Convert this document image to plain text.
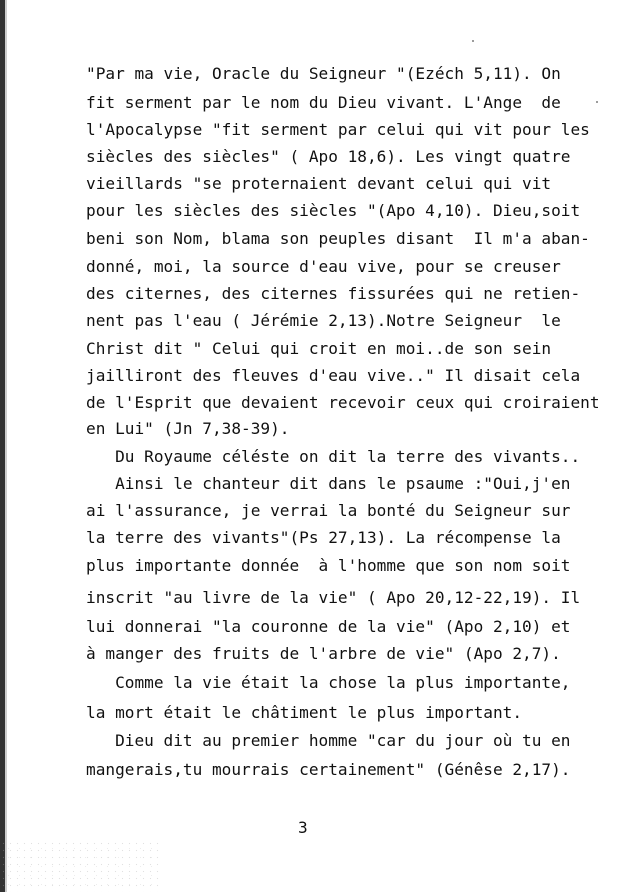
"Par ma vie, Oracle du Seigneur "(Ezéch 5,11). On
fit serment par le nom du Dieu vivant. L'Ange  de
l'Apocalypse "fit serment par celui qui vit pour les
siècles des siècles" ( Apo 18,6). Les vingt quatre
vieillards "se proternaient devant celui qui vit
pour les siècles des siècles "(Apo 4,10). Dieu,soit
beni son Nom, blama son peuples disant  Il m'a aban-
donné, moi, la source d'eau vive, pour se creuser
des citernes, des citernes fissurées qui ne retien-
nent pas l'eau ( Jérémie 2,13).Notre Seigneur  le
Christ dit " Celui qui croit en moi..de son sein
jailliront des fleuves d'eau vive.." Il disait cela
de l'Esprit que devaient recevoir ceux qui croiraient
en Lui" (Jn 7,38-39).
Du Royaume céléste on dit la terre des vivants..
Ainsi le chanteur dit dans le psaume :"Oui,j'en
ai l'assurance, je verrai la bonté du Seigneur sur
la terre des vivants"(Ps 27,13). La récompense la
plus importante donnée  à l'homme que son nom soit
inscrit "au livre de la vie" ( Apo 20,12-22,19). Il
lui donnerai "la couronne de la vie" (Apo 2,10) et
à manger des fruits de l'arbre de vie" (Apo 2,7).
Comme la vie était la chose la plus importante,
la mort était le châtiment le plus important.
Dieu dit au premier homme "car du jour où tu en
mangerais,tu mourrais certainement" (Génêse 2,17).
3
